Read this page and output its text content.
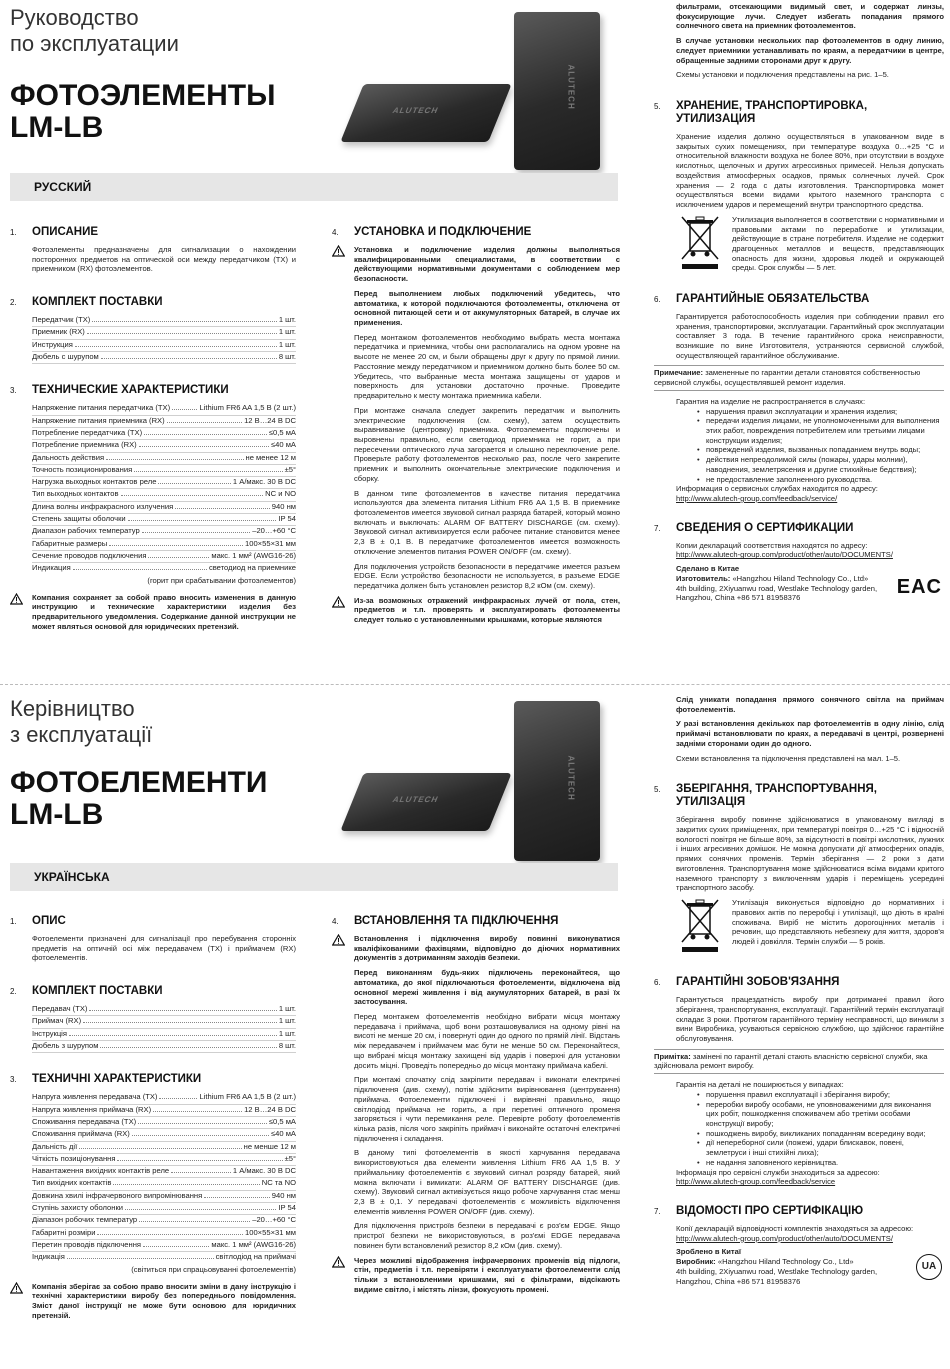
Руководство
по эксплуатации
ФОТОЭЛЕМЕНТЫ
LM-LB
ALUTECH
ALUTECH
РУССКИЙ
1.	ОПИСАНИЕ
Фотоэлементы предназначены для сигнализации о нахождении посторонних предметов на оптической оси между передатчиком (TX) и приемником (RX) фотоэлементов.
2.	КОМПЛЕКТ ПОСТАВКИ
Передатчик (TX)	1 шт.
Приемник (RX)	1 шт.
Инструкция	1 шт.
Дюбель с шурупом	8 шт.
3.	ТЕХНИЧЕСКИЕ ХАРАКТЕРИСТИКИ
Напряжение питания передатчика (TX)	Lithium FR6 AA 1,5 В (2 шт.)
Напряжение питания приемника (RX)	12 В…24 В DC
Потребление передатчика (TX)	≤0,5 мА
Потребление приемника (RX)	≤40 мА
Дальность действия	не менее 12 м
Точность позиционирования	±5°
Нагрузка выходных контактов реле	1 А/макс. 30 В DC
Тип выходных контактов	NC и NO
Длина волны инфракрасного излучения	940 нм
Степень защиты оболочки	IP 54
Диапазон рабочих температур	–20…+60 °С
Габаритные размеры	100×55×31 мм
Сечение проводов подключения	макс. 1 мм² (AWG16-26)
Индикация	светодиод на приемнике
(горит при срабатывании фотоэлементов)
Компания сохраняет за собой право вносить изменения в данную инструкцию и технические характеристики изделия без предварительного уведомления. Содержание данной инструкции не может являться основой для юридических претензий.
4.	УСТАНОВКА И ПОДКЛЮЧЕНИЕ
Установка и подключение изделия должны выполняться квалифицированными специалистами, в соответствии с действующими нормативными документами с соблюдением мер безопасности.
Перед выполнением любых подключений убедитесь, что автоматика, к которой подключаются фотоэлементы, отключена от основной питающей сети и от аккумуляторных батарей, в случае их применения.
Перед монтажом фотоэлементов необходимо выбрать места монтажа передатчика и приемника, чтобы они располагались на одном уровне на высоте не менее 20 см, и были обращены друг к другу по прямой линии. Расстояние между передатчиком и приемником должно быть более 50 см. Убедитесь, что выбранные места монтажа защищены от ударов и поверхность для установки достаточно прочные. Проведите предварительно к месту монтажа приемника кабели.
При монтаже сначала следует закрепить передатчик и выполнить электрические подключения (см. схему), затем осуществить выравнивание (центровку) приемника. Фотоэлементы подключены и выровнены правильно, если светодиод приемника не горит, а при пересечении оптического луча загорается и слышно переключение реле. Проверьте работу фотоэлементов несколько раз, после чего закрепите приемник и выполнить окончательные электрические подключения и сборку.
В данном типе фотоэлементов в качестве питания передатчика используются два элемента питания Lithium FR6 AA 1,5 В. В приемнике фотоэлементов имеется звуковой сигнал разряда батарей, который можно включать и выключать: ALARM OF BATTERY DISCHARGE (см. схему). Звуковой сигнал активизируется если рабочее питание становится менее 2,3 В ± 0,1 В. В передатчике фотоэлементов имеется возможность отключение элементов питания POWER ON/OFF (см. схему).
Для подключения устройств безопасности в передатчике имеется разъем EDGE. Если устройство безопасности не используется, в разъеме EDGE передатчика должен быть установлен резистор 8,2 кОм (см. схему).
Из-за возможных отражений инфракрасных лучей от пола, стен, предметов и т.п. проверять и эксплуатировать фотоэлементы следует только с установленными крышками, которые являются
фильтрами, отсекающими видимый свет, и содержат линзы, фокусирующие лучи. Следует избегать попадания прямого солнечного света на приемник фотоэлементов.
В случае установки нескольких пар фотоэлементов в одну линию, следует приемники устанавливать по краям, а передатчики в центре, обращенные задними сторонами друг к другу.
Схемы установки и подключения представлены на рис. 1–5.
5.	ХРАНЕНИЕ, ТРАНСПОРТИРОВКА, УТИЛИЗАЦИЯ
Хранение изделия должно осуществляться в упакованном виде в закрытых сухих помещениях, при температуре воздуха 0…+25 °С и относительной влажности воздуха не более 80%, при отсутствии в воздухе кислотных, щелочных и других агрессивных примесей. Нельзя допускать воздействия атмосферных осадков, прямых солнечных лучей. Срок хранения — 2 года с даты изготовления. Транспортировка может осуществляться всеми видами крытого наземного транспорта с исключением ударов и перемещений внутри транспортного средства.
Утилизация выполняется в соответствии с нормативными и правовыми актами по переработке и утилизации, действующие в стране потребителя. Изделие не содержит драгоценных металлов и веществ, представляющих опасность для жизни, здоровья людей и окружающей среды. Срок службы — 5 лет.
6.	ГАРАНТИЙНЫЕ ОБЯЗАТЕЛЬСТВА
Гарантируется работоспособность изделия при соблюдении правил его хранения, транспортировки, эксплуатации. Гарантийный срок эксплуатации составляет 3 года. В течение гарантийного срока неисправности, возникшие по вине Изготовителя, устраняются сервисной службой, осуществляющей гарантийное обслуживание.
Примечание: замененные по гарантии детали становятся собственностью сервисной службы, осуществлявшей ремонт изделия.
Гарантия на изделие не распространяется в случаях:
• нарушения правил эксплуатации и хранения изделия;
• передачи изделия лицами, не уполномоченными для выполнения этих работ, повреждения потребителем или третьими лицами конструкции изделия;
• повреждений изделия, вызванных попаданием внутрь воды;
• действия непреодолимой силы (пожары, удары молнии), наводнения, землетрясения и другие стихийные бедствия);
• не предоставление заполненного руководства.
Информация о сервисных службах находится по адресу:
http://www.alutech-group.com/feedback/service/
7.	СВЕДЕНИЯ О СЕРТИФИКАЦИИ
Копии деклараций соответствия находятся по адресу:
http://www.alutech-group.com/product/other/auto/DOCUMENTS/
Сделано в Китае
Изготовитель: «Hangzhou Hiland Technology Co., Ltd»
4th building, 2Xiyuanwu road, Westlake Technology garden,
Hangzhou, China +86 571 81958376
EAC
Керівництво
з експлуатації
ФОТОЕЛЕМЕНТИ
LM-LB	ALUTECH	ALUTECH
УКРАЇНСЬКА
1.	ОПИС
Фотоелементи призначені для сигналізації про перебування сторонніх предметів на оптичній осі між передавачем (TX) і приймачем (RX) фотоелементів.
2.	КОМПЛЕКТ ПОСТАВКИ
Передавач (TX)	1 шт.
Приймач (RX)	1 шт.
Інструкція	1 шт.
Дюбель з шурупом	8 шт.
3.	ТЕХНИЧНІ ХАРАКТЕРИСТИКИ
Напруга живлення передавача (TX)	Lithium FR6 AA 1,5 В (2 шт.)
Напруга живлення приймача (RX)	12 В…24 В DC
Споживання передавача (TX)	≤0,5 мА
Споживання приймача (RX)	≤40 мА
Дальність дії	не менше 12 м
Чіткість позиціонування	±5°
Навантаження вихідних контактів реле	1 А/макс. 30 В DC
Тип вихідних контактів	NC та NO
Довжина хвилі інфрачервоного випромінювання	940 нм
Ступінь захисту оболонки	IP 54
Діапазон робочих температур	–20…+60 °С
Габаритні розміри	100×55×31 мм
Перетин проводів підключення	макс. 1 мм² (AWG16-26)
Індикація	світлодіод на приймачі
(світиться при спрацьовуванні фотоелементів)
Компанія зберігає за собою право вносити зміни в дану інструкцію і технічні характеристики виробу без попереднього повідомлення. Зміст даної інструкції не може бути основою для юридичних претензій.
4.	ВСТАНОВЛЕННЯ ТА ПІДКЛЮЧЕННЯ
Встановлення і підключення виробу повинні виконуватися кваліфікованими фахівцями, відповідно до діючих нормативних документів з дотриманням заходів безпеки.
Перед виконанням будь-яких підключень переконайтеся, що автоматика, до якої підключаються фотоелементи, відключена від основної мережі живлення і від акумуляторних батарей, в разі їх застосування.
Перед монтажем фотоелементів необхідно вибрати місця монтажу передавача і приймача, щоб вони розташовувалися на одному рівні на висоті не менше 20 см, і повернуті один до одного по прямій лінії. Відстань між передавачем і приймачем має бути не менше 50 см. Переконайтеся, що вибрані місця монтажу захищені від ударів і поверхні для установки досить міцні. Проведіть попередньо до місця монтажу приймача кабелі.
При монтажі спочатку слід закріпити передавач і виконати електричні підключення (див. схему), потім здійснити вирівнювання (центрування) приймача. Фотоелементи підключені і вирівняні правильно, якщо світлодіод приймача не горить, а при перетині оптичного променя загоряється і чути перемикання реле. Перевірте роботу фотоелементів кілька разів, після чого закріпіть приймач і виконайте остаточні електричні підключення і складання.
В даному типі фотоелементів в якості харчування передавача використовуються два елементи живлення Lithium FR6 AA 1,5 В. У приймальнику фотоелементів є звуковий сигнал розряду батарей, який можна включати і вимикати: ALARM OF BATTERY DISCHARGE (див. схему). Звуковий сигнал активізується якщо робоче харчування стає менш 2,3 В ± 0,1. У передавачі фотоелементів є можливість відключення елементів живлення POWER ON/OFF (див. схему).
Для підключення пристроїв безпеки в передавачі є роз'єм EDGE. Якщо пристрої безпеки не використовуються, в роз'ємі EDGE передавача повинен бути встановлений резистор 8,2 кОм (див. схему).
Через можливі відображення інфрачервоних променів від підлоги, стін, предметів і т.п. перевіряти і експлуатувати фотоелементи слід тільки з встановленими кришками, які є фільтрами, відсікають видиме світло, і містять лінзи, фокусують промені.
Слід уникати попадання прямого сонячного світла на приймач фотоелементів.
У разі встановлення декількох пар фотоелементів в одну лінію, слід приймачі встановлювати по краях, а передавачі в центрі, розвернені задніми сторонами один до одного.
Схеми встановлення та підключення представлені на мал. 1–5.
5.	ЗБЕРІГАННЯ, ТРАНСПОРТУВАННЯ, УТИЛІЗАЦІЯ
Зберігання виробу повинне здійснюватися в упакованому вигляді в закритих сухих приміщеннях, при температурі повітря 0…+25 °С і відносній вологості повітря не більше 80%, за відсутності в повітрі кислотних, лужних і інших агресивних домішок. Не можна допускати дії атмосферних опадів, прямих сонячних променів. Термін зберігання — 2 роки з дати виготовлення. Транспортування може здійснюватися всіма видами критого наземного транспорту з виключенням ударів і переміщень усередині транспортного засобу.
Утилізація виконується відповідно до нормативних і правових актів по переробці і утилізації, що діють в країні споживача. Виріб не містить дорогоцінних металів і речовин, що представляють небезпеку для життя, здоров'я людей і довкілля. Термін служби — 5 років.
6.	ГАРАНТІЙНІ ЗОБОВ'ЯЗАННЯ
Гарантується працездатність виробу при дотриманні правил його зберігання, транспортування, експлуатації. Гарантійний термін експлуатації складає 3 роки. Протягом гарантійного терміну несправності, що виникли з вини Виробника, усуваються сервісною службою, що здійснює гарантійне обслуговування.
Примітка: замінені по гарантії деталі стають власністю сервісної служби, яка здійснювала ремонт виробу.
Гарантія на деталі не поширюється у випадках:
• порушення правил експлуатації і зберігання виробу;
• переробки виробу особами, не уповноваженими для виконання цих робіт, пошкодження споживачем або третіми особами конструкції виробу;
• пошкоджень виробу, викликаних попаданням всередину води;
• дії непереборної сили (пожежі, удари блискавок, повені, землетруси і інші стихійні лиха);
• не надання заповненого керівництва.
Інформація про сервісні служби знаходиться за адресою:
http://www.alutech-group.com/feedback/service
7.	ВІДОМОСТІ ПРО СЕРТИФІКАЦІЮ
Копії декларацій відповідності комплектів знаходяться за адресою:
http://www.alutech-group.com/product/other/auto/DOCUMENTS/
Зроблено в Китаї
Виробник: «Hangzhou Hiland Technology Co., Ltd»
4th building, 2Xiyuanwu road, Westlake Technology garden,
Hangzhou, China +86 571 81958376
UA
